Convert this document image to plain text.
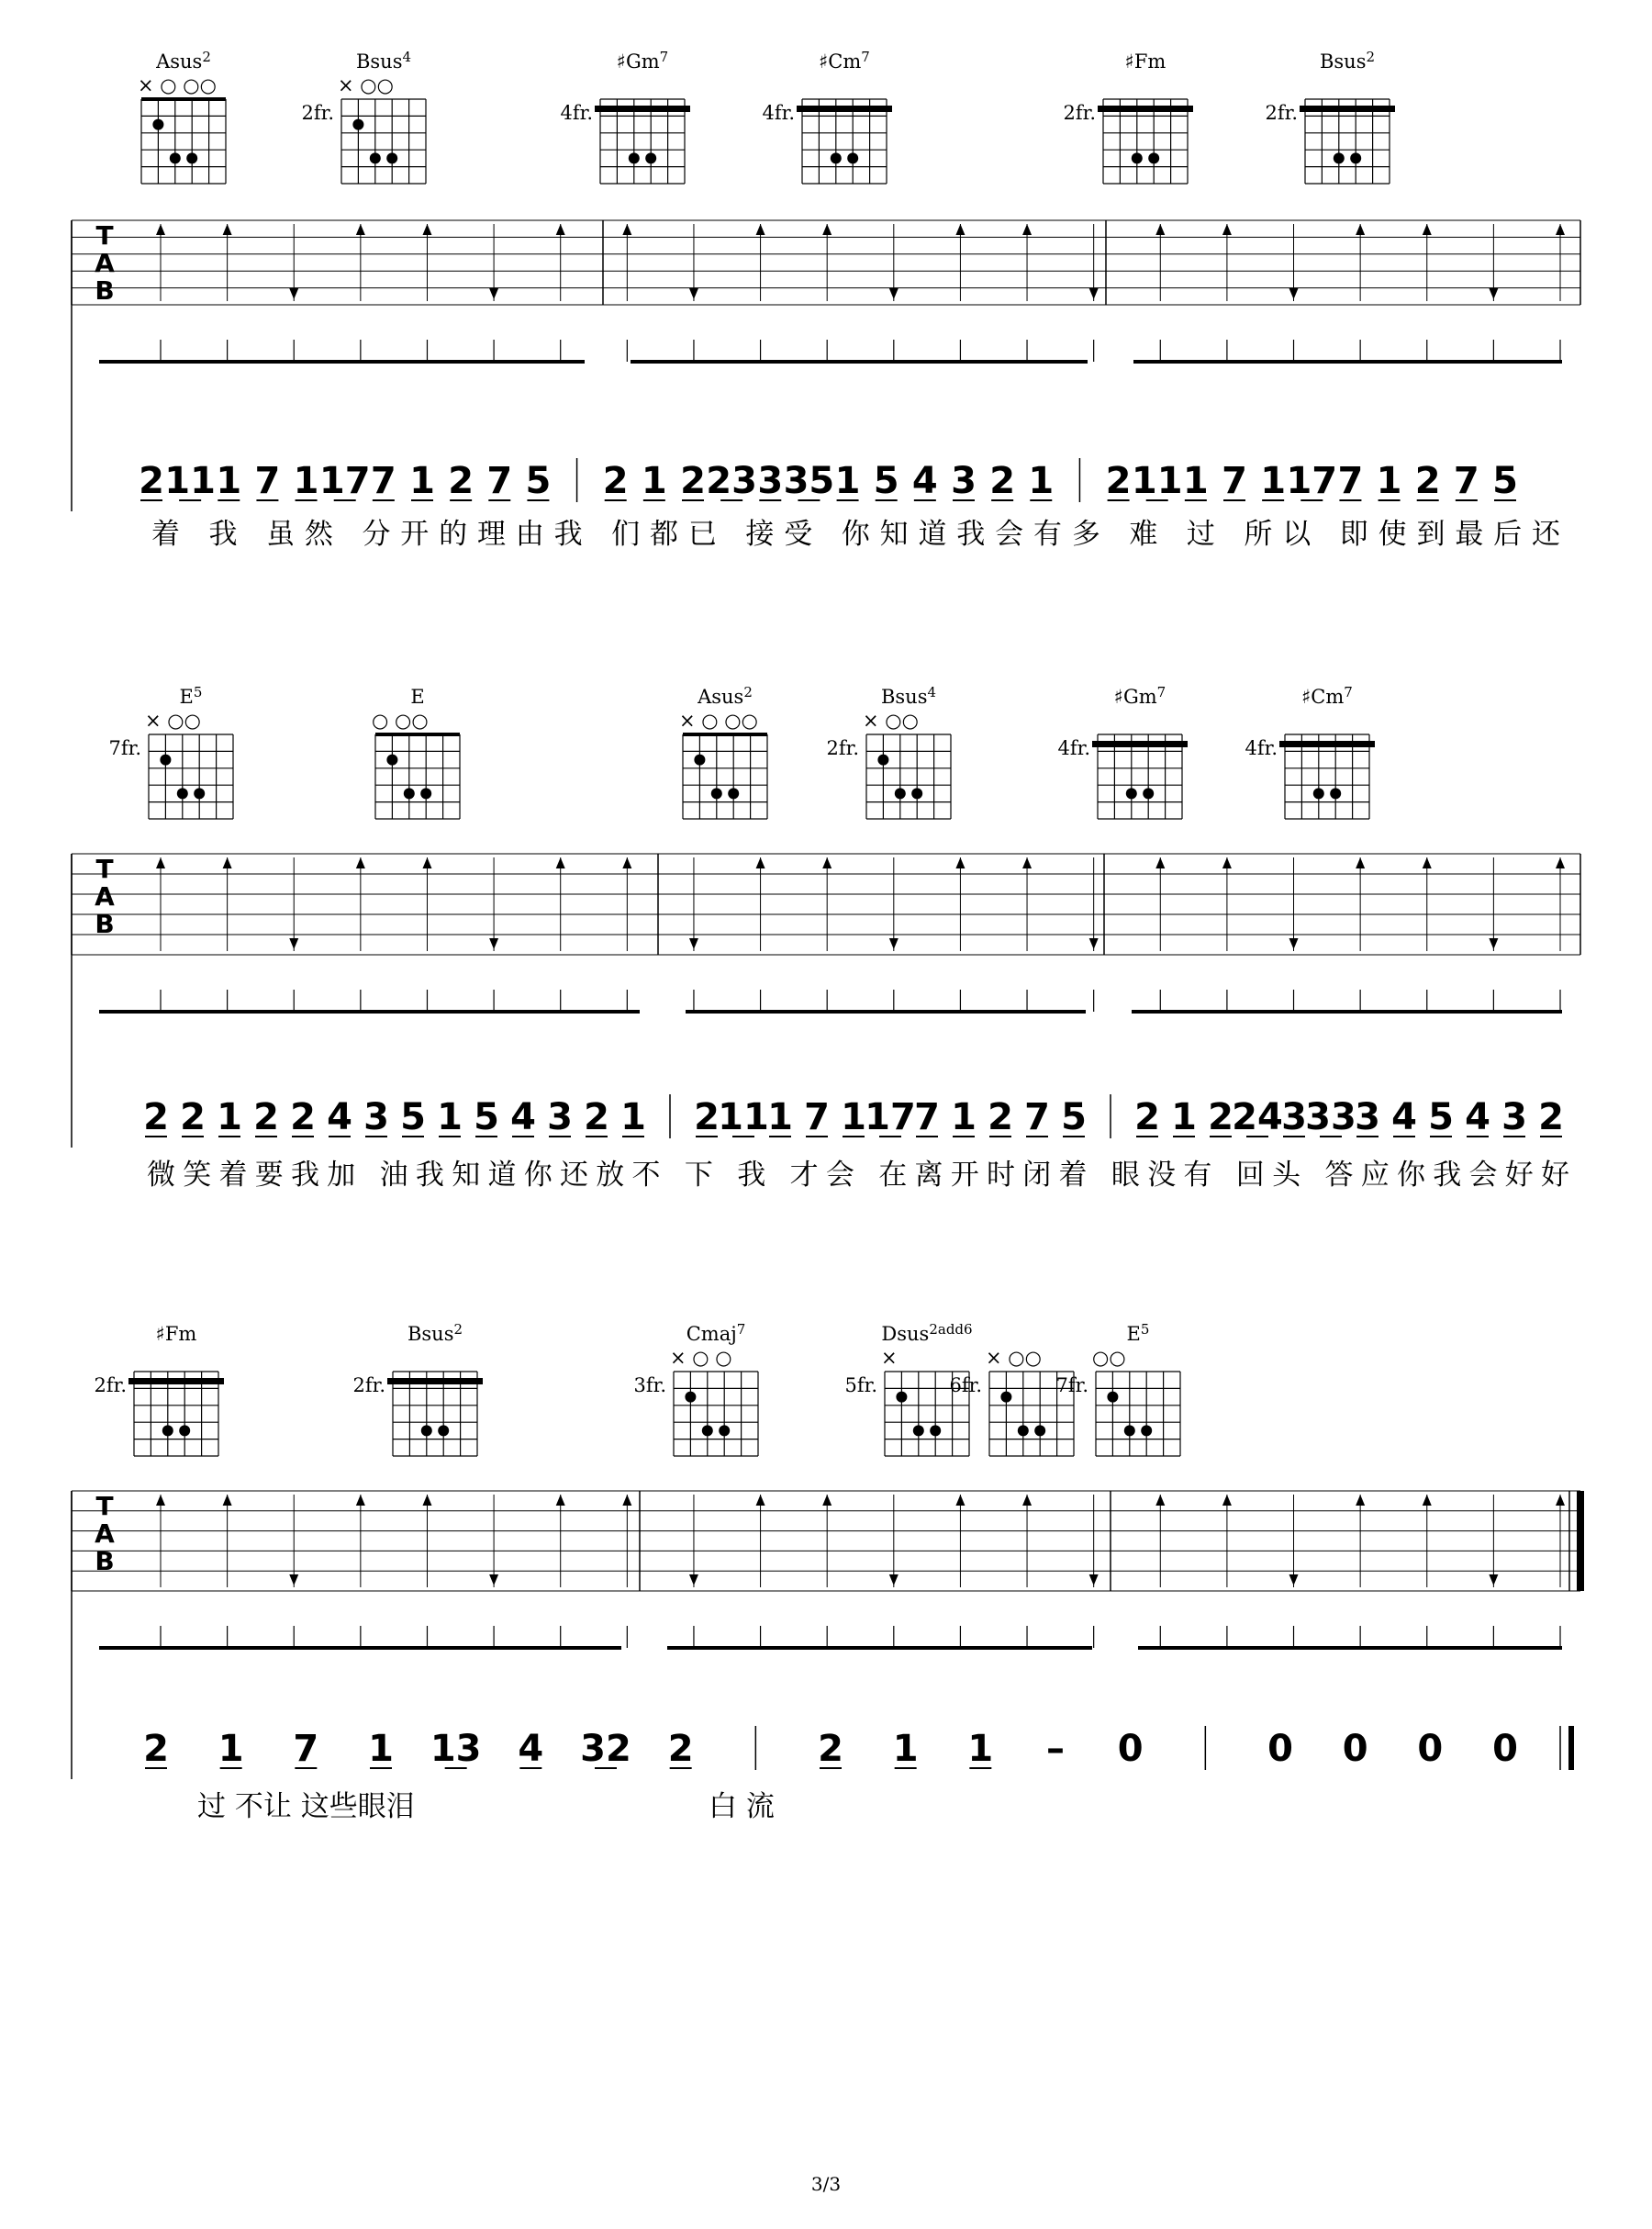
Asus$^2$
× ○ ○○
Bsus$^4$
× ○○
2fr.
♯Gm$^7$
4fr.
♯Cm$^7$
4fr.
♯Fm
2fr.
Bsus$^2$
2fr.
$E^5$
× ○○
7fr.
E
○ ○○
Asus$^2$
× ○ ○○
Bsus$^4$
× ○○
2fr.
♯Gm$^7$
4fr.
♯Cm$^7$
4fr.
♯Fm
2fr.
Bsus$^2$
2fr.
Cmaj$^7$
× ○ ○
3fr.
Dsus$^{2add6}$
×
5fr.
× ○○
6fr.
$E^5$
○○
7fr.
T
A
B
T
A
B
T
A
B
2 11 1 7 1 17 7 1 2 7 5 2 1 2 23 3 35 1 5 4 3 2 1 2 11 1 7 1 17 7 1 2 7 5
2 2 1 2 2 4 3 5 1 5 4 3 2 1 2
11
1 7 1
17
7 1 2 7 5 2 1 2
24
3
33
3 4 5 4 3 2
2 1 7 1 13 4 32 2	2 1 1 – 0	0 0 0 0
着 我 虽然 分开的理由我 们都已 接受 你知道我会有多 难 过 所以 即使到最后还
微笑着要我加 油我知道你还放不 下 我 才会 在离开时闭着 眼没有 回头 答应你我会好好
过 不让 这些眼泪	白 流
3/3
